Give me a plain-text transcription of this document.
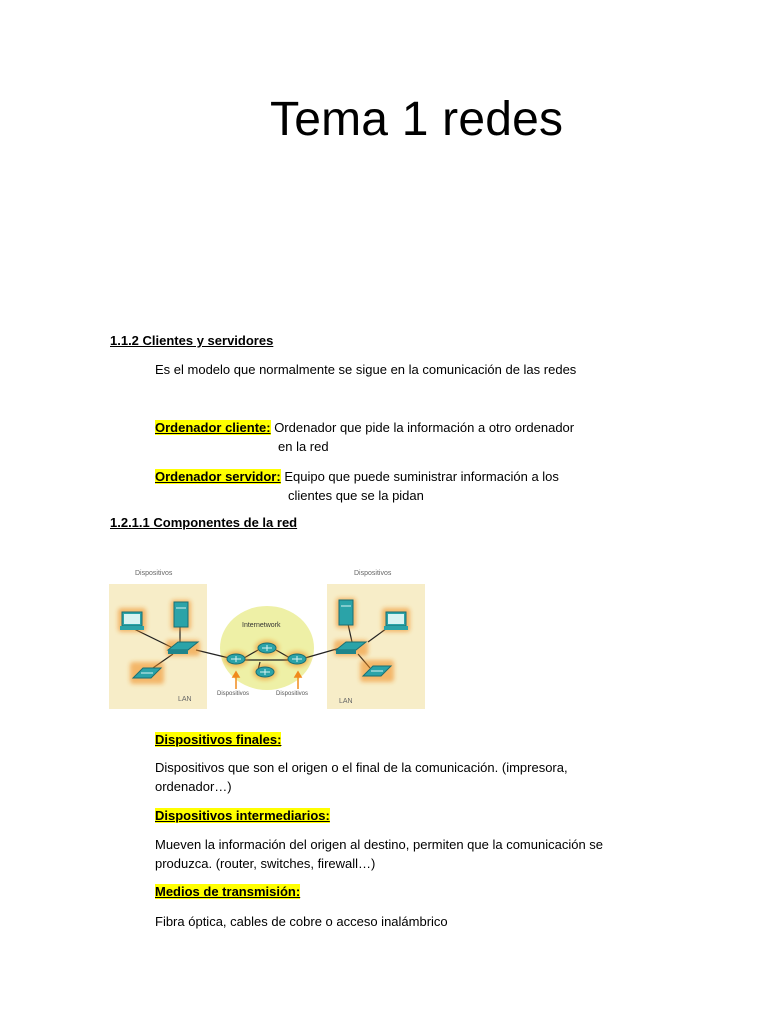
Tema 1 redes
1.1.2 Clientes y servidores
Es el modelo que normalmente se sigue en la comunicación de las redes
Ordenador cliente: Ordenador que pide la información a otro ordenador
en la red
Ordenador servidor: Equipo que puede suministrar información a los
clientes que se la pidan
1.2.1.1 Componentes de la red
Dispositivos	Dispositivos
Internetwork
LAN	LAN
Dispositivos	Dispositivos
Dispositivos finales:
Dispositivos que son el origen o el final de la comunicación. (impresora,
ordenador…)
Dispositivos intermediarios:
Mueven la información del origen al destino, permiten que la comunicación se
produzca. (router, switches, firewall…)
Medios de transmisión:
Fibra óptica, cables de cobre o acceso inalámbrico
